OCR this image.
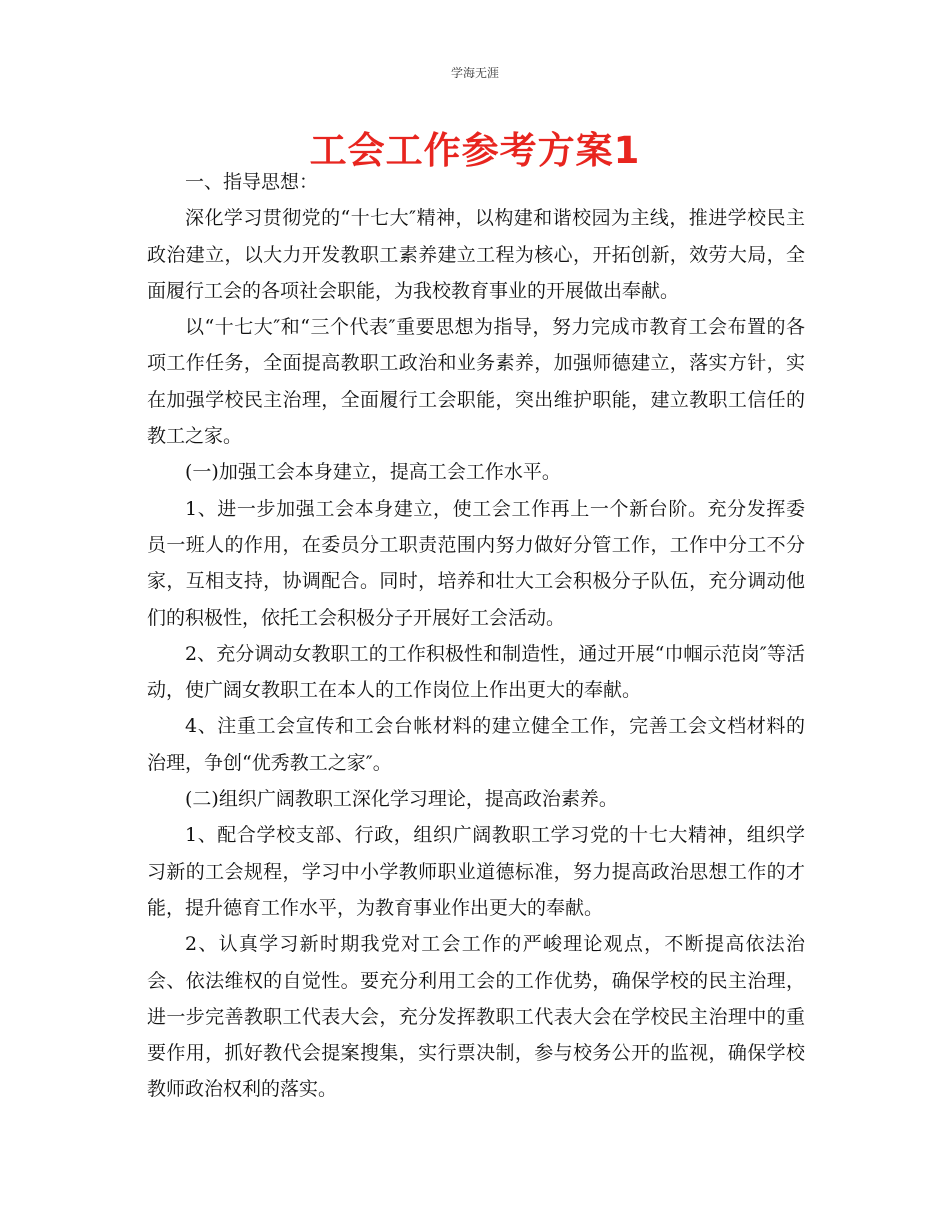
学海无涯
工会工作参考方案1

一、指导思想：

深化学习贯彻党的“十七大″精神，以构建和谐校园为主线，推进学校民主政治建立，以大力开发教职工素养建立工程为核心，开拓创新，效劳大局，全面履行工会的各项社会职能，为我校教育事业的开展做出奉献。

以“十七大″和“三个代表″重要思想为指导，努力完成市教育工会布置的各项工作任务，全面提高教职工政治和业务素养，加强师德建立，落实方针，实在加强学校民主治理，全面履行工会职能，突出维护职能，建立教职工信任的教工之家。

(一)加强工会本身建立，提高工会工作水平。

1、进一步加强工会本身建立，使工会工作再上一个新台阶。充分发挥委员一班人的作用，在委员分工职责范围内努力做好分管工作，工作中分工不分家，互相支持，协调配合。同时，培养和壮大工会积极分子队伍，充分调动他们的积极性，依托工会积极分子开展好工会活动。

2、充分调动女教职工的工作积极性和制造性，通过开展“巾帼示范岗″等活动，使广阔女教职工在本人的工作岗位上作出更大的奉献。

4、注重工会宣传和工会台帐材料的建立健全工作，完善工会文档材料的治理，争创“优秀教工之家″。

(二)组织广阔教职工深化学习理论，提高政治素养。

1、配合学校支部、行政，组织广阔教职工学习党的十七大精神，组织学习新的工会规程，学习中小学教师职业道德标准，努力提高政治思想工作的才能，提升德育工作水平，为教育事业作出更大的奉献。

2、认真学习新时期我党对工会工作的严峻理论观点，不断提高依法治会、依法维权的自觉性。要充分利用工会的工作优势，确保学校的民主治理，进一步完善教职工代表大会，充分发挥教职工代表大会在学校民主治理中的重要作用，抓好教代会提案搜集，实行票决制，参与校务公开的监视，确保学校教师政治权利的落实。
